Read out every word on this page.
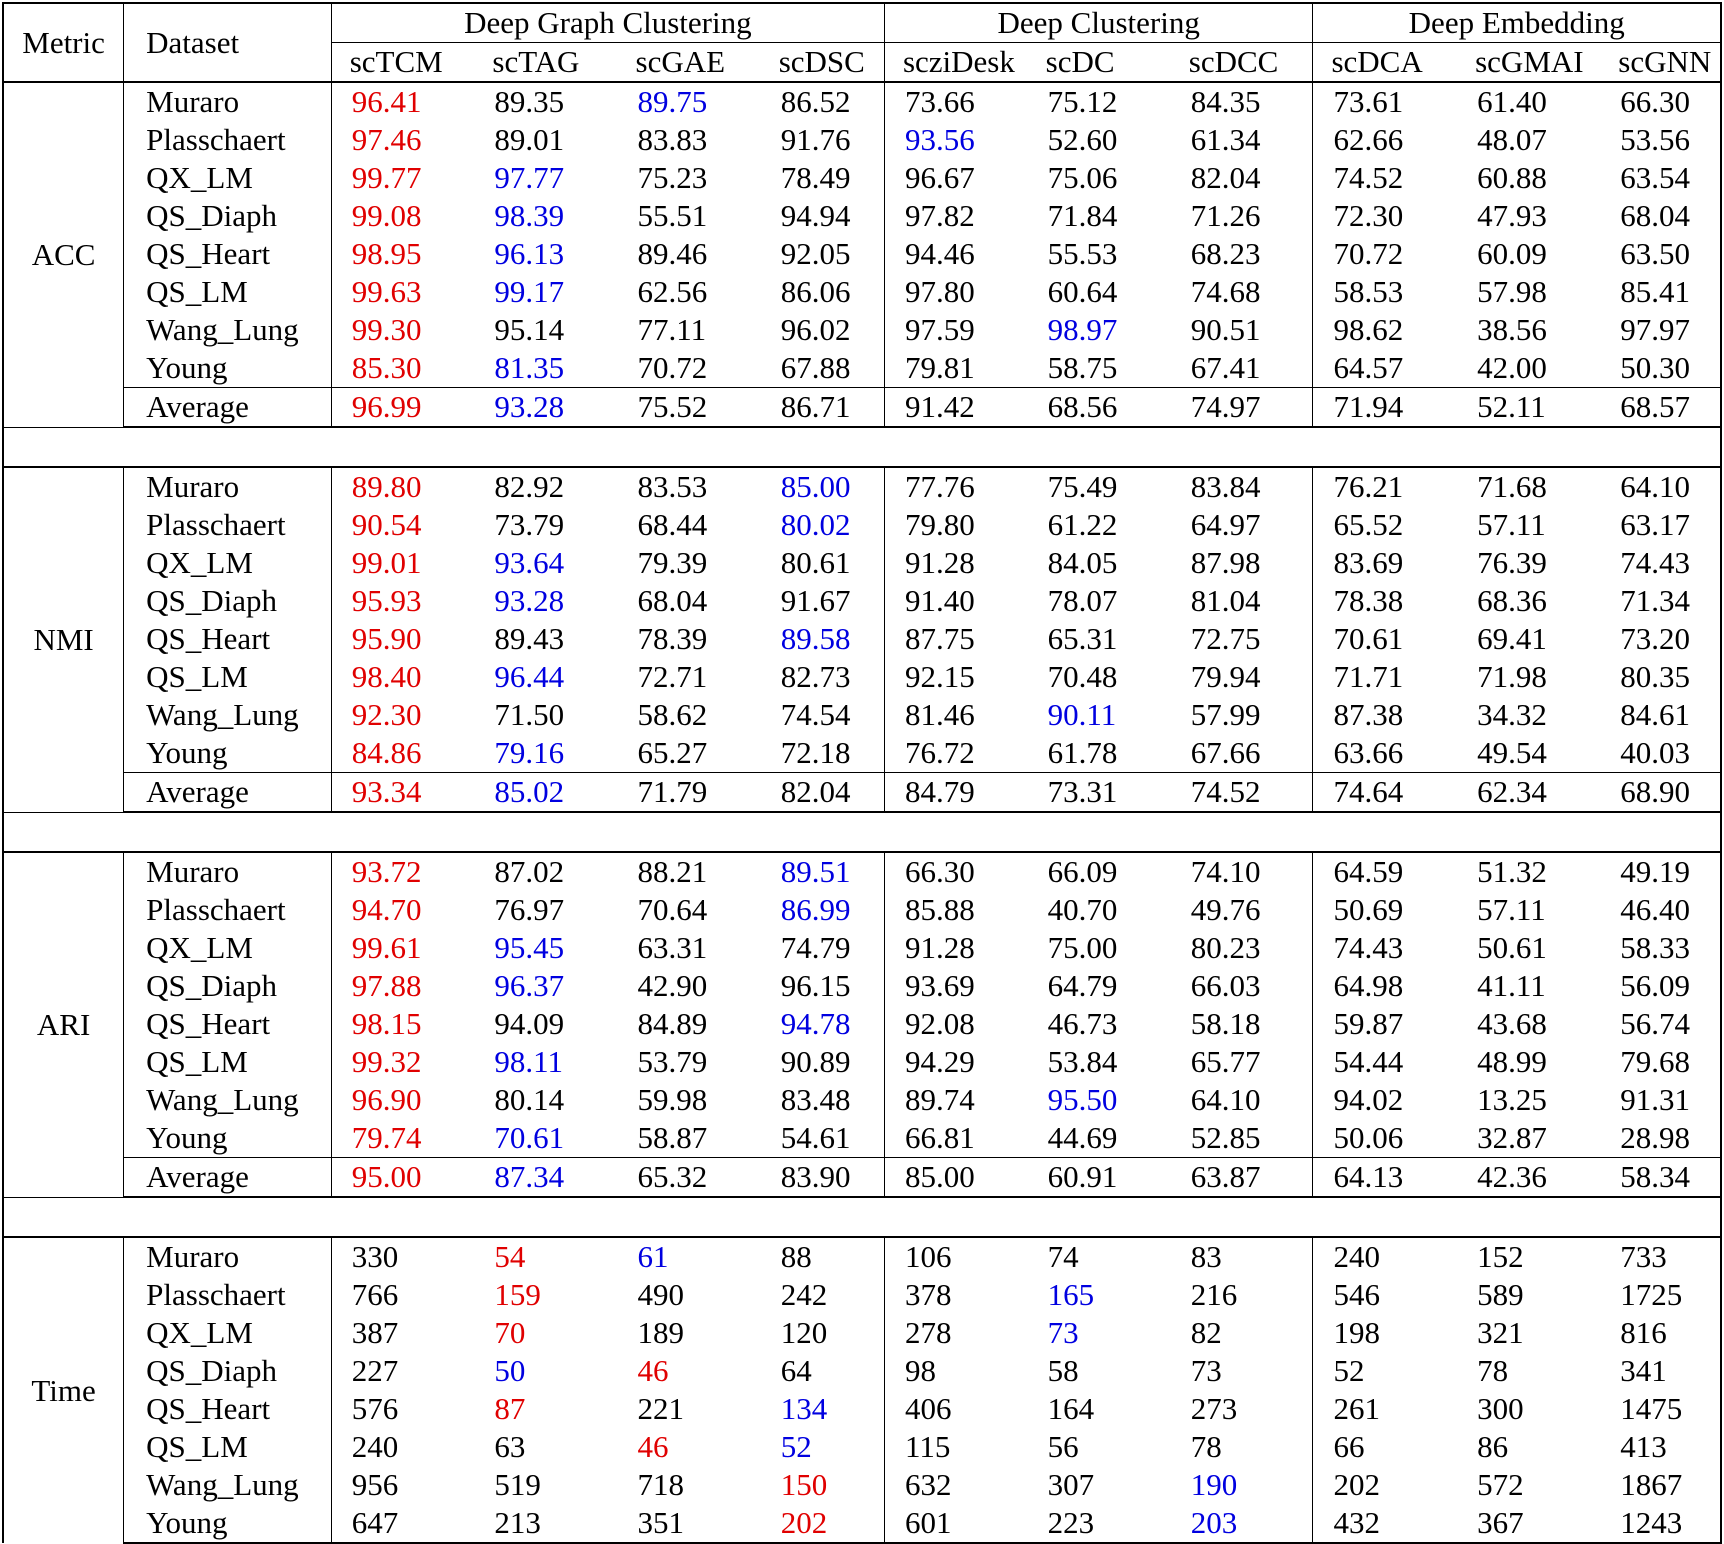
Metric	Dataset	Deep Graph Clustering				Deep Clustering			Deep Embedding		
		scTCM	scTAG	scGAE	scDSC	scziDesk	scDC	scDCC	scDCA	scGMAI	scGNN
ACC	Muraro	96.41	89.35	89.75	86.52	73.66	75.12	84.35	73.61	61.40	66.30
	Plasschaert	97.46	89.01	83.83	91.76	93.56	52.60	61.34	62.66	48.07	53.56
	QX_LM	99.77	97.77	75.23	78.49	96.67	75.06	82.04	74.52	60.88	63.54
	QS_Diaph	99.08	98.39	55.51	94.94	97.82	71.84	71.26	72.30	47.93	68.04
	QS_Heart	98.95	96.13	89.46	92.05	94.46	55.53	68.23	70.72	60.09	63.50
	QS_LM	99.63	99.17	62.56	86.06	97.80	60.64	74.68	58.53	57.98	85.41
	Wang_Lung	99.30	95.14	77.11	96.02	97.59	98.97	90.51	98.62	38.56	97.97
	Young	85.30	81.35	70.72	67.88	79.81	58.75	67.41	64.57	42.00	50.30
	Average	96.99	93.28	75.52	86.71	91.42	68.56	74.97	71.94	52.11	68.57

NMI	Muraro	89.80	82.92	83.53	85.00	77.76	75.49	83.84	76.21	71.68	64.10
	Plasschaert	90.54	73.79	68.44	80.02	79.80	61.22	64.97	65.52	57.11	63.17
	QX_LM	99.01	93.64	79.39	80.61	91.28	84.05	87.98	83.69	76.39	74.43
	QS_Diaph	95.93	93.28	68.04	91.67	91.40	78.07	81.04	78.38	68.36	71.34
	QS_Heart	95.90	89.43	78.39	89.58	87.75	65.31	72.75	70.61	69.41	73.20
	QS_LM	98.40	96.44	72.71	82.73	92.15	70.48	79.94	71.71	71.98	80.35
	Wang_Lung	92.30	71.50	58.62	74.54	81.46	90.11	57.99	87.38	34.32	84.61
	Young	84.86	79.16	65.27	72.18	76.72	61.78	67.66	63.66	49.54	40.03
	Average	93.34	85.02	71.79	82.04	84.79	73.31	74.52	74.64	62.34	68.90

ARI	Muraro	93.72	87.02	88.21	89.51	66.30	66.09	74.10	64.59	51.32	49.19
	Plasschaert	94.70	76.97	70.64	86.99	85.88	40.70	49.76	50.69	57.11	46.40
	QX_LM	99.61	95.45	63.31	74.79	91.28	75.00	80.23	74.43	50.61	58.33
	QS_Diaph	97.88	96.37	42.90	96.15	93.69	64.79	66.03	64.98	41.11	56.09
	QS_Heart	98.15	94.09	84.89	94.78	92.08	46.73	58.18	59.87	43.68	56.74
	QS_LM	99.32	98.11	53.79	90.89	94.29	53.84	65.77	54.44	48.99	79.68
	Wang_Lung	96.90	80.14	59.98	83.48	89.74	95.50	64.10	94.02	13.25	91.31
	Young	79.74	70.61	58.87	54.61	66.81	44.69	52.85	50.06	32.87	28.98
	Average	95.00	87.34	65.32	83.90	85.00	60.91	63.87	64.13	42.36	58.34

Time	Muraro	330	54	61	88	106	74	83	240	152	733
	Plasschaert	766	159	490	242	378	165	216	546	589	1725
	QX_LM	387	70	189	120	278	73	82	198	321	816
	QS_Diaph	227	50	46	64	98	58	73	52	78	341
	QS_Heart	576	87	221	134	406	164	273	261	300	1475
	QS_LM	240	63	46	52	115	56	78	66	86	413
	Wang_Lung	956	519	718	150	632	307	190	202	572	1867
	Young	647	213	351	202	601	223	203	432	367	1243
